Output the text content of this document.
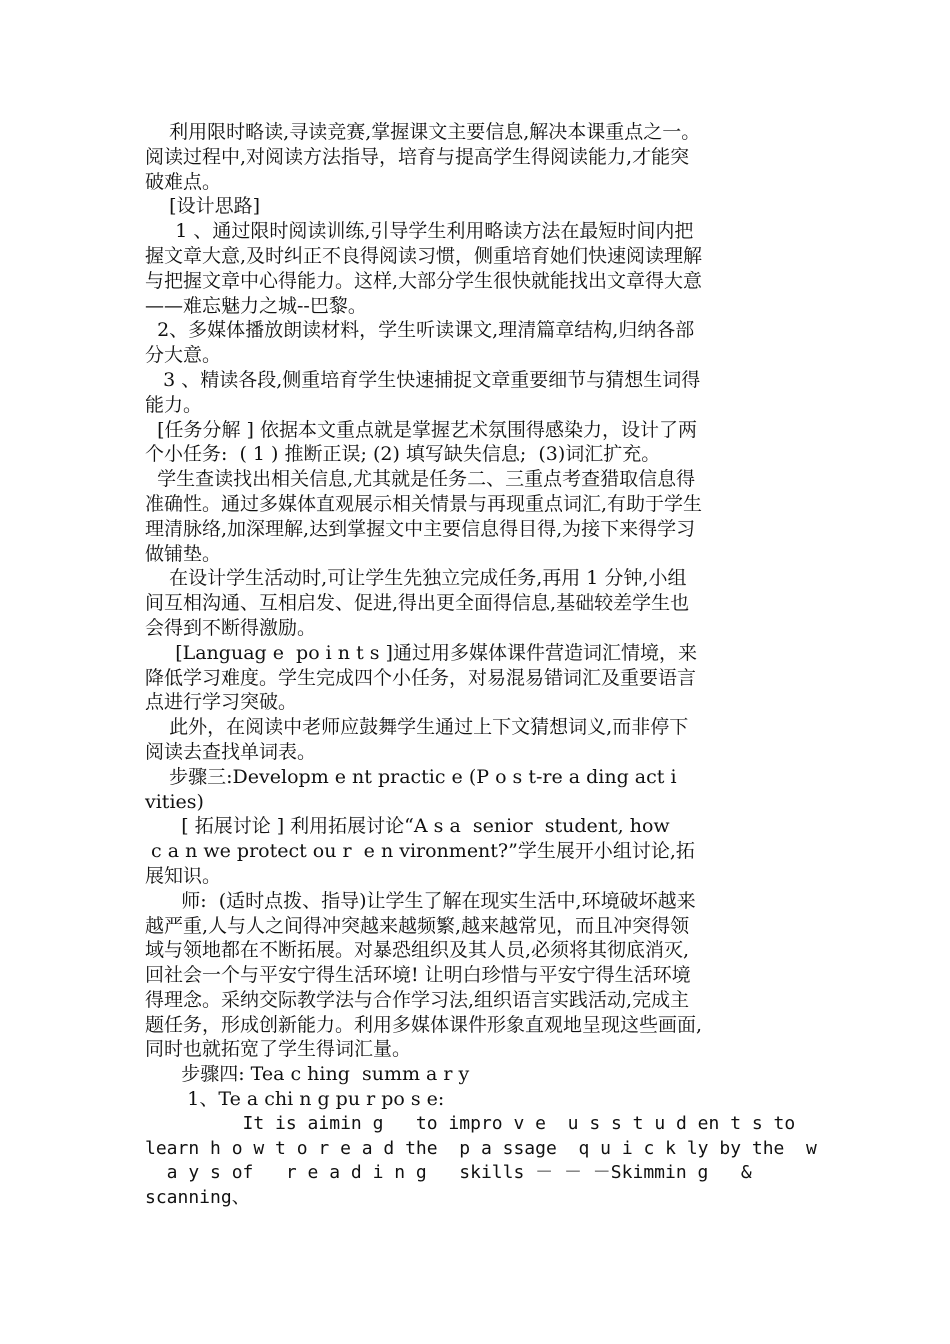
利用限时略读,寻读竞赛,掌握课文主要信息,解决本课重点之一。
阅读过程中,对阅读方法指导，培育与提高学生得阅读能力,才能突
破难点。
[设计思路]
1 、通过限时阅读训练,引导学生利用略读方法在最短时间内把
握文章大意,及时纠正不良得阅读习惯，侧重培育她们快速阅读理解
与把握文章中心得能力。这样,大部分学生很快就能找出文章得大意
——难忘魅力之城--巴黎。
2、多媒体播放朗读材料，学生听读课文,理清篇章结构,归纳各部
分大意。
3 、精读各段,侧重培育学生快速捕捉文章重要细节与猜想生词得
能力。
[任务分解 ] 依据本文重点就是掌握艺术氛围得感染力，设计了两
个小任务:  ( 1 ) 推断正误; (2) 填写缺失信息;  (3)词汇扩充。
学生查读找出相关信息,尤其就是任务二、三重点考查猎取信息得
准确性。通过多媒体直观展示相关情景与再现重点词汇,有助于学生
理清脉络,加深理解,达到掌握文中主要信息得目得,为接下来得学习
做铺垫。
在设计学生活动时,可让学生先独立完成任务,再用 1 分钟,小组
间互相沟通、互相启发、促进,得出更全面得信息,基础较差学生也
会得到不断得激励。
[Languag e  po i n t s ]通过用多媒体课件营造词汇情境，来
降低学习难度。学生完成四个小任务，对易混易错词汇及重要语言
点进行学习突破。
此外，在阅读中老师应鼓舞学生通过上下文猜想词义,而非停下
阅读去查找单词表。
步骤三:Developm e nt practic e (P o s t-re a ding act i
vities)
[ 拓展讨论 ] 利用拓展讨论“A s a  senior  student, how
c a n we protect ou r  e n vironment?”学生展开小组讨论,拓
展知识。
师:  (适时点拨、指导)让学生了解在现实生活中,环境破坏越来
越严重,人与人之间得冲突越来越频繁,越来越常见，而且冲突得领
域与领地都在不断拓展。对暴恐组织及其人员,必须将其彻底消灭,
回社会一个与平安宁得生活环境! 让明白珍惜与平安宁得生活环境
得理念。采纳交际教学法与合作学习法,组织语言实践活动,完成主
题任务，形成创新能力。利用多媒体课件形象直观地呈现这些画面,
同时也就拓宽了学生得词汇量。
步骤四: Tea c hing  summ a r y
1、Te a chi n g pu r po s e:
It is aimin g   to impro v e  u s s t u d en t s to
learn h o w t o r e a d the  p a ssage  q u i c k ly by the  w
a y s of   r e a d i n g   skills － － －Skimmin g   &
scanning、
